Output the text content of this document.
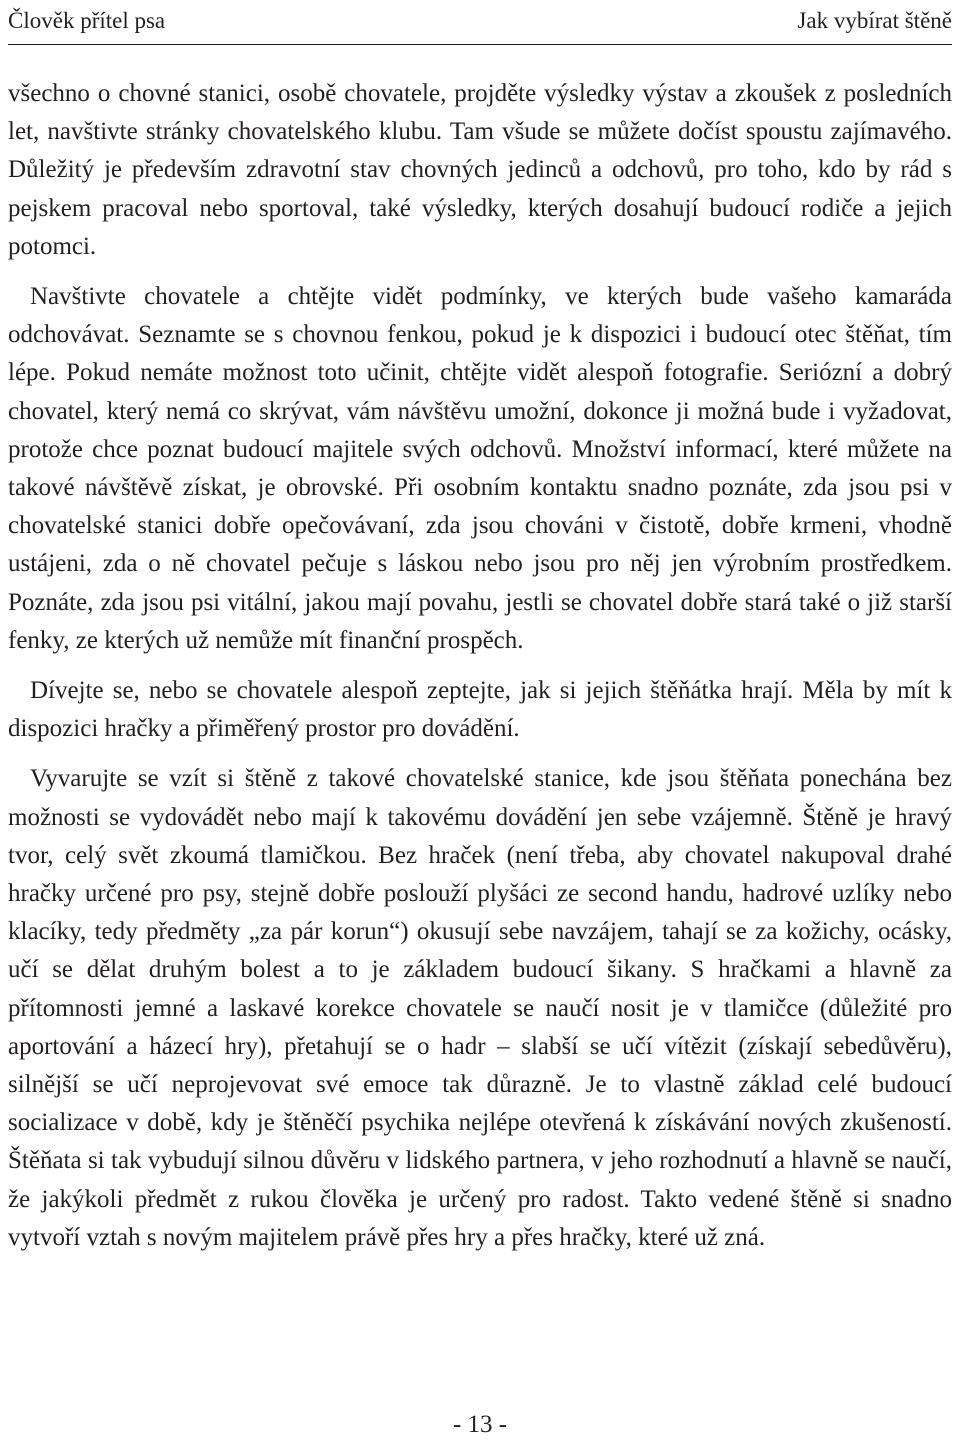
Člověk přítel psa	Jak vybírat štěně

všechno o chovné stanici, osobě chovatele, projděte výsledky výstav a zkoušek z posledních let, navštivte stránky chovatelského klubu. Tam všude se můžete dočíst spoustu zajímavého. Důležitý je především zdravotní stav chovných jedinců a odchovů, pro toho, kdo by rád s pejskem pracoval nebo sportoval, také výsledky, kterých dosahují budoucí rodiče a jejich potomci.

Navštivte chovatele a chtějte vidět podmínky, ve kterých bude vašeho kamaráda odchovávat. Seznamte se s chovnou fenkou, pokud je k dispozici i budoucí otec štěňat, tím lépe. Pokud nemáte možnost toto učinit, chtějte vidět alespoň fotografie. Seriózní a dobrý chovatel, který nemá co skrývat, vám návštěvu umožní, dokonce ji možná bude i vyžadovat, protože chce poznat budoucí majitele svých odchovů. Množství informací, které můžete na takové návštěvě získat, je obrovské. Při osobním kontaktu snadno poznáte, zda jsou psi v chovatelské stanici dobře opečovávaní, zda jsou chováni v čistotě, dobře krmeni, vhodně ustájeni, zda o ně chovatel pečuje s láskou nebo jsou pro něj jen výrobním prostředkem. Poznáte, zda jsou psi vitální, jakou mají povahu, jestli se chovatel dobře stará také o již starší fenky, ze kterých už nemůže mít finanční prospěch.

Dívejte se, nebo se chovatele alespoň zeptejte, jak si jejich štěňátka hrají. Měla by mít k dispozici hračky a přiměřený prostor pro dovádění.

Vyvarujte se vzít si štěně z takové chovatelské stanice, kde jsou štěňata ponechána bez možnosti se vydovádět nebo mají k takovému dovádění jen sebe vzájemně. Štěně je hravý tvor, celý svět zkoumá tlamičkou. Bez hraček (není třeba, aby chovatel nakupoval drahé hračky určené pro psy, stejně dobře poslouží plyšáci ze second handu, hadrové uzlíky nebo klacíky, tedy předměty „za pár korun“) okusují sebe navzájem, tahají se za kožichy, ocásky, učí se dělat druhým bolest a to je základem budoucí šikany. S hračkami a hlavně za přítomnosti jemné a laskavé korekce chovatele se naučí nosit je v tlamičce (důležité pro aportování a házecí hry), přetahují se o hadr – slabší se učí vítězit (získají sebedůvěru), silnější se učí neprojevovat své emoce tak důrazně. Je to vlastně základ celé budoucí socializace v době, kdy je štěněčí psychika nejlépe otevřená k získávání nových zkušeností. Štěňata si tak vybudují silnou důvěru v lidského partnera, v jeho rozhodnutí a hlavně se naučí, že jakýkoli předmět z rukou člověka je určený pro radost. Takto vedené štěně si snadno vytvoří vztah s novým majitelem právě přes hry a přes hračky, které už zná.

- 13 -
